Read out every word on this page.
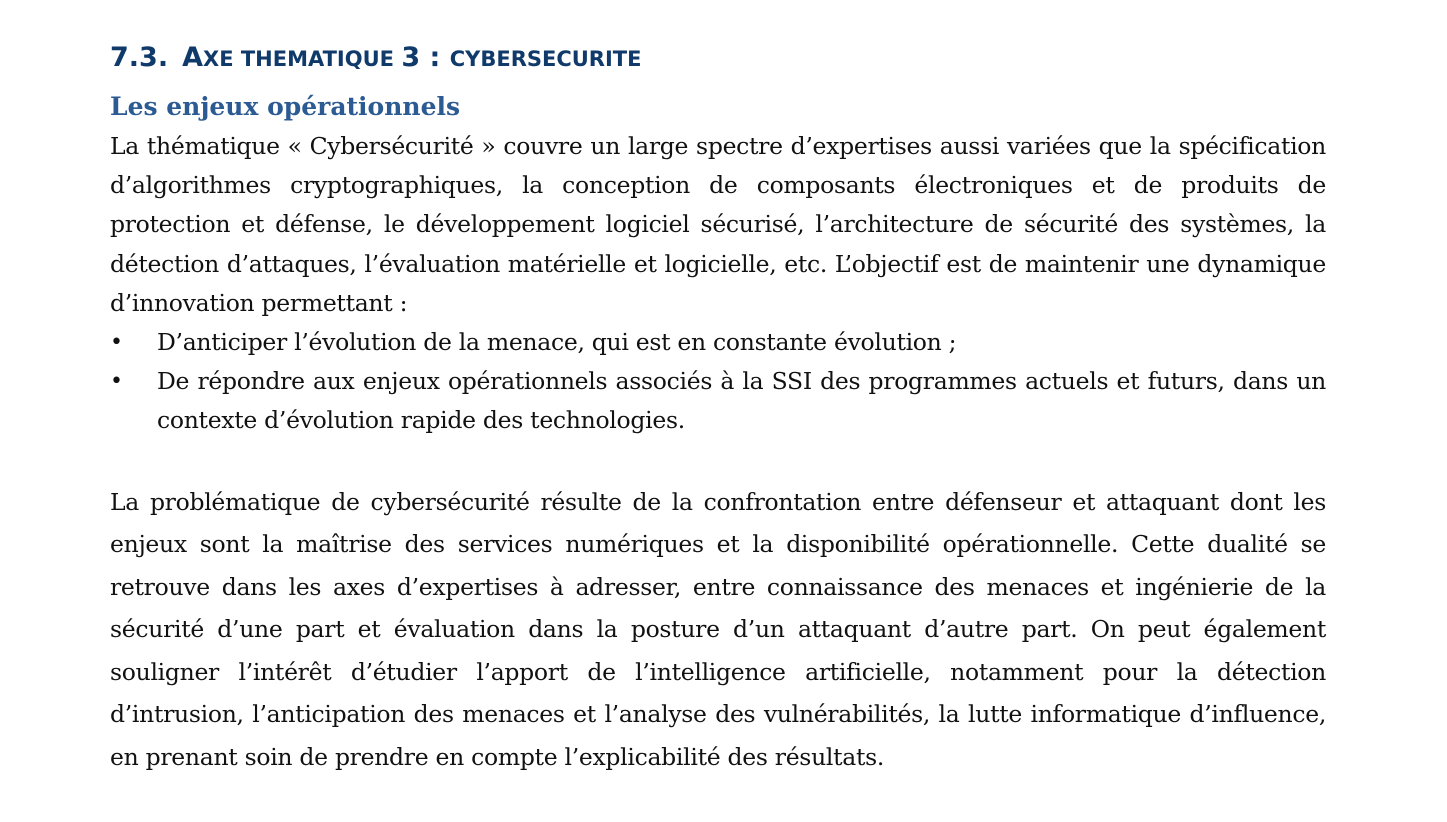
7.3. AXE THEMATIQUE 3 : CYBERSECURITE
Les enjeux opérationnels

La thématique « Cybersécurité » couvre un large spectre d’expertises aussi variées que la spécification d’algorithmes cryptographiques, la conception de composants électroniques et de produits de protection et défense, le développement logiciel sécurisé, l’architecture de sécurité des systèmes, la détection d’attaques, l’évaluation matérielle et logicielle, etc. L’objectif est de maintenir une dynamique d’innovation permettant :

•	D’anticiper l’évolution de la menace, qui est en constante évolution ;
•	De répondre aux enjeux opérationnels associés à la SSI des programmes actuels et futurs, dans un contexte d’évolution rapide des technologies.

La problématique de cybersécurité résulte de la confrontation entre défenseur et attaquant dont les enjeux sont la maîtrise des services numériques et la disponibilité opérationnelle. Cette dualité se retrouve dans les axes d’expertises à adresser, entre connaissance des menaces et ingénierie de la sécurité d’une part et évaluation dans la posture d’un attaquant d’autre part. On peut également souligner l’intérêt d’étudier l’apport de l’intelligence artificielle, notamment pour la détection d’intrusion, l’anticipation des menaces et l’analyse des vulnérabilités, la lutte informatique d’influence, en prenant soin de prendre en compte l’explicabilité des résultats.
